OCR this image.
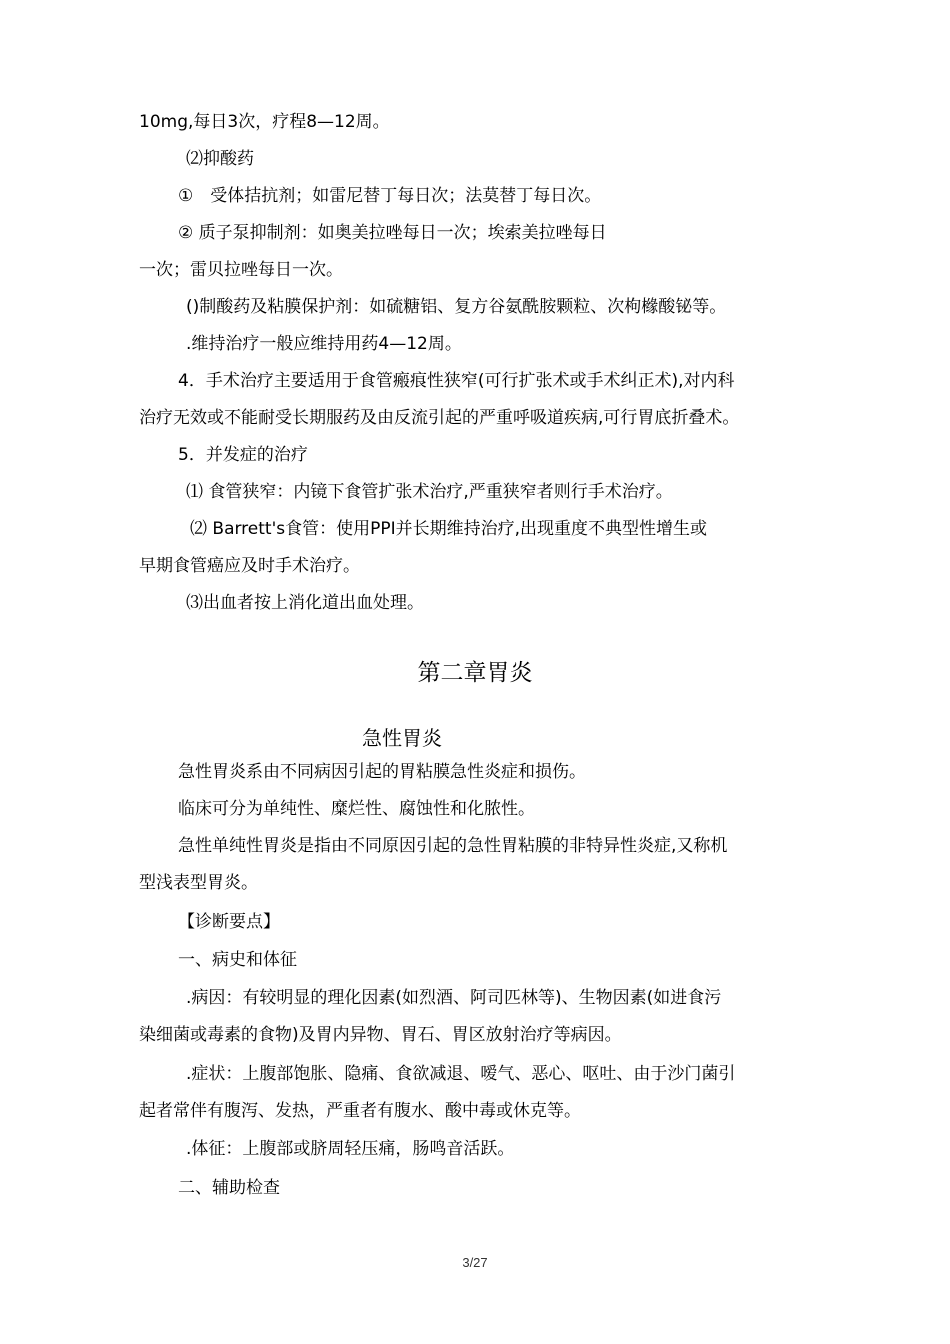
10mg,每日3次，疗程8—12周。
⑵抑酸药
①　受体拮抗剂；如雷尼替丁每日次；法莫替丁每日次。
② 质子泵抑制剂：如奥美拉唑每日一次；埃索美拉唑每日
一次；雷贝拉唑每日一次。
()制酸药及粘膜保护剂：如硫糖铝、复方谷氨酰胺颗粒、次枸橼酸铋等。
.维持治疗一般应维持用药4—12周。
4．手术治疗主要适用于食管瘢痕性狭窄(可行扩张术或手术纠正术),对内科
治疗无效或不能耐受长期服药及由反流引起的严重呼吸道疾病,可行胃底折叠术。
5．并发症的治疗
⑴ 食管狭窄：内镜下食管扩张术治疗,严重狭窄者则行手术治疗。
⑵ Barrett's食管：使用PPI并长期维持治疗,出现重度不典型性增生或
早期食管癌应及时手术治疗。
⑶出血者按上消化道出血处理。
第二章胃炎
急性胃炎
急性胃炎系由不同病因引起的胃粘膜急性炎症和损伤。
临床可分为单纯性、糜烂性、腐蚀性和化脓性。
急性单纯性胃炎是指由不同原因引起的急性胃粘膜的非特异性炎症,又称机
型浅表型胃炎。
【诊断要点】
一、病史和体征
.病因：有较明显的理化因素(如烈酒、阿司匹林等)、生物因素(如进食污
染细菌或毒素的食物)及胃内异物、胃石、胃区放射治疗等病因。
.症状：上腹部饱胀、隐痛、食欲减退、嗳气、恶心、呕吐、由于沙门菌引
起者常伴有腹泻、发热，严重者有腹水、酸中毒或休克等。
.体征：上腹部或脐周轻压痛，肠鸣音活跃。
二、辅助检查
3/27
